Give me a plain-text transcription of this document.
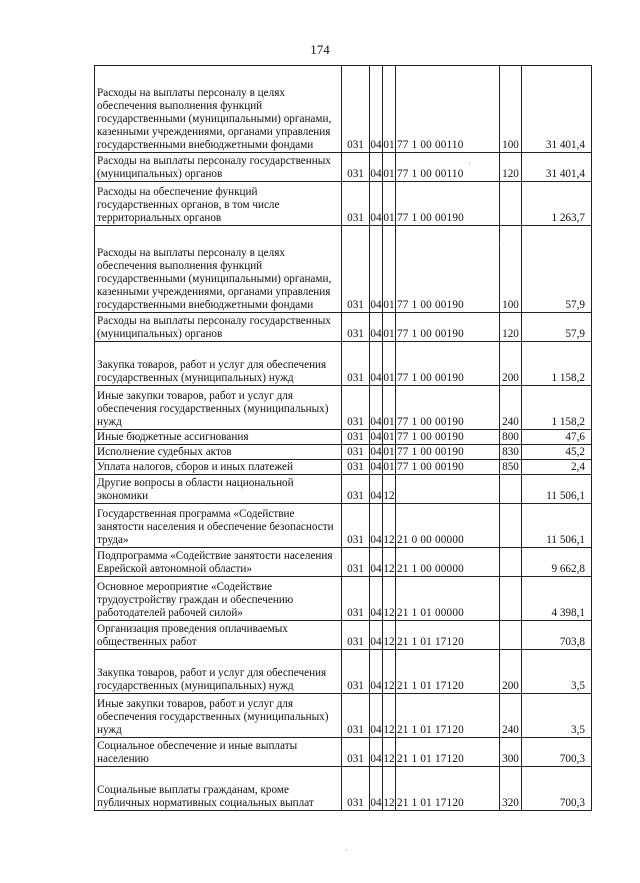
174
Расходы на выплаты персоналу в целях обеспечения выполнения функций государственными (муниципальными) органами, казенными учреждениями, органами управления государственными внебюджетными фондами	031	04	01	77 1 00 00110	100	31 401,4
Расходы на выплаты персоналу государственных (муниципальных) органов	031	04	01	77 1 00 00110	120	31 401,4
Расходы на обеспечение функций государственных органов, в том числе территориальных органов	031	04	01	77 1 00 00190		1 263,7
Расходы на выплаты персоналу в целях обеспечения выполнения функций государственными (муниципальными) органами, казенными учреждениями, органами управления государственными внебюджетными фондами	031	04	01	77 1 00 00190	100	57,9
Расходы на выплаты персоналу государственных (муниципальных) органов	031	04	01	77 1 00 00190	120	57,9
Закупка товаров, работ и услуг для обеспечения государственных (муниципальных) нужд	031	04	01	77 1 00 00190	200	1 158,2
Иные закупки товаров, работ и услуг для обеспечения государственных (муниципальных) нужд	031	04	01	77 1 00 00190	240	1 158,2
Иные бюджетные ассигнования	031	04	01	77 1 00 00190	800	47,6
Исполнение судебных актов	031	04	01	77 1 00 00190	830	45,2
Уплата налогов, сборов и иных платежей	031	04	01	77 1 00 00190	850	2,4
Другие вопросы в области национальной экономики	031	04	12			11 506,1
Государственная программа «Содействие занятости населения и обеспечение безопасности труда»	031	04	12	21 0 00 00000		11 506,1
Подпрограмма «Содействие занятости населения Еврейской автономной области»	031	04	12	21 1 00 00000		9 662,8
Основное мероприятие «Содействие трудоустройству граждан и обеспечению работодателей рабочей силой»	031	04	12	21 1 01 00000		4 398,1
Организация проведения оплачиваемых общественных работ	031	04	12	21 1 01 17120		703,8
Закупка товаров, работ и услуг для обеспечения государственных (муниципальных) нужд	031	04	12	21 1 01 17120	200	3,5
Иные закупки товаров, работ и услуг для обеспечения государственных (муниципальных) нужд	031	04	12	21 1 01 17120	240	3,5
Социальное обеспечение и иные выплаты населению	031	04	12	21 1 01 17120	300	700,3
Социальные выплаты гражданам, кроме публичных нормативных социальных выплат	031	04	12	21 1 01 17120	320	700,3
·
·
·
